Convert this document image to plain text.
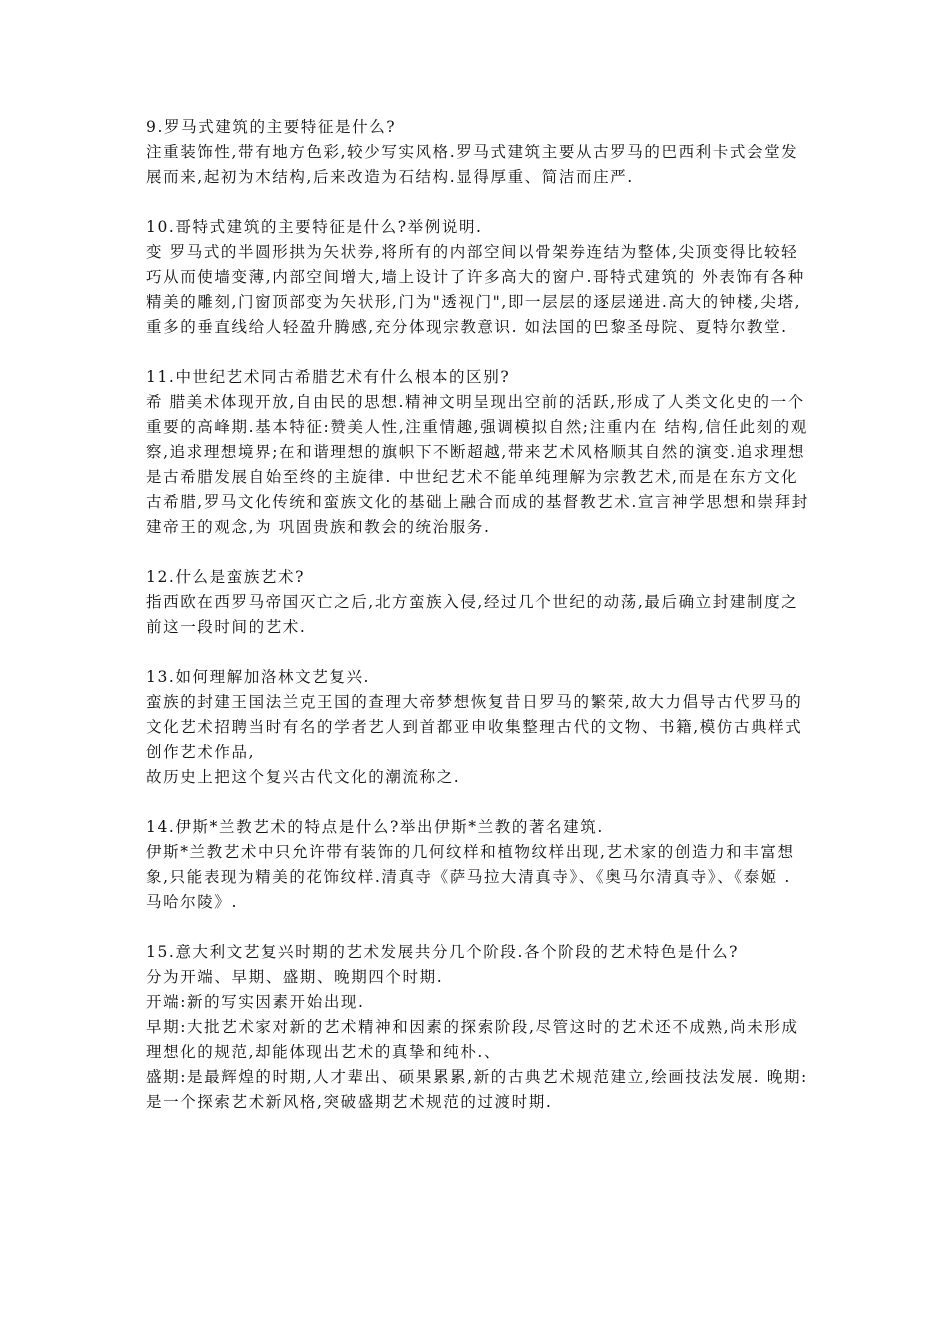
9.罗马式建筑的主要特征是什么?

注重装饰性,带有地方色彩,较少写实风格.罗马式建筑主要从古罗马的巴西利卡式会堂发展而来,起初为木结构,后来改造为石结构.显得厚重、简洁而庄严.

10.哥特式建筑的主要特征是什么?举例说明.

变 罗马式的半圆形拱为矢状券,将所有的内部空间以骨架券连结为整体,尖顶变得比较轻巧从而使墙变薄,内部空间增大,墙上设计了许多高大的窗户.哥特式建筑的 外表饰有各种精美的雕刻,门窗顶部变为矢状形,门为"透视门",即一层层的逐层递进.高大的钟楼,尖塔,重多的垂直线给人轻盈升腾感,充分体现宗教意识. 如法国的巴黎圣母院、夏特尔教堂.

11.中世纪艺术同古希腊艺术有什么根本的区别?

希 腊美术体现开放,自由民的思想.精神文明呈现出空前的活跃,形成了人类文化史的一个重要的高峰期.基本特征:赞美人性,注重情趣,强调模拟自然;注重内在 结构,信任此刻的观察,追求理想境界;在和谐理想的旗帜下不断超越,带来艺术风格顺其自然的演变.追求理想是古希腊发展自始至终的主旋律. 中世纪艺术不能单纯理解为宗教艺术,而是在东方文化古希腊,罗马文化传统和蛮族文化的基础上融合而成的基督教艺术.宣言神学思想和崇拜封建帝王的观念,为 巩固贵族和教会的统治服务.

12.什么是蛮族艺术?

指西欧在西罗马帝国灭亡之后,北方蛮族入侵,经过几个世纪的动荡,最后确立封建制度之前这一段时间的艺术.

13.如何理解加洛林文艺复兴.

蛮族的封建王国法兰克王国的查理大帝梦想恢复昔日罗马的繁荣,故大力倡导古代罗马的文化艺术招聘当时有名的学者艺人到首都亚申收集整理古代的文物、书籍,模仿古典样式创作艺术作品,

故历史上把这个复兴古代文化的潮流称之.

14.伊斯*兰教艺术的特点是什么?举出伊斯*兰教的著名建筑.

伊斯*兰教艺术中只允许带有装饰的几何纹样和植物纹样出现,艺术家的创造力和丰富想象,只能表现为精美的花饰纹样.清真寺《萨马拉大清真寺》、《奥马尔清真寺》、《泰姬 . 马哈尔陵》.

15.意大利文艺复兴时期的艺术发展共分几个阶段.各个阶段的艺术特色是什么?

分为开端、早期、盛期、晚期四个时期.

开端:新的写实因素开始出现.

早期:大批艺术家对新的艺术精神和因素的探索阶段,尽管这时的艺术还不成熟,尚未形成理想化的规范,却能体现出艺术的真挚和纯朴.、

盛期:是最辉煌的时期,人才辈出、硕果累累,新的古典艺术规范建立,绘画技法发展. 晚期:是一个探索艺术新风格,突破盛期艺术规范的过渡时期.
